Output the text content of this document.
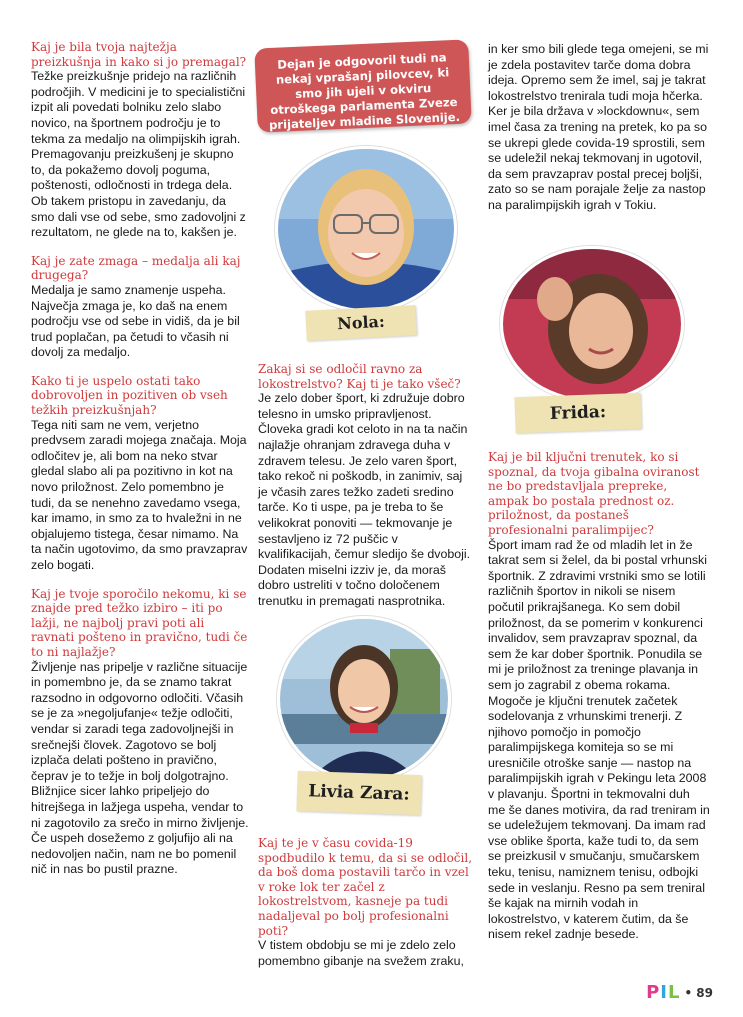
Kaj je bila tvoja najtežja preizkušnja in kako si jo premagal?

Težke preizkušnje pridejo na različnih področjih. V medicini je to specialistični izpit ali povedati bolniku zelo slabo novico, na športnem področju je to tekma za medaljo na olimpijskih igrah. Premagovanju preizkušenj je skupno to, da pokažemo dovolj poguma, poštenosti, odločnosti in trdega dela. Ob takem pristopu in zavedanju, da smo dali vse od sebe, smo zadovoljni z rezultatom, ne glede na to, kakšen je.

Kaj je zate zmaga – medalja ali kaj drugega?

Medalja je samo znamenje uspeha. Največja zmaga je, ko daš na enem področju vse od sebe in vidiš, da je bil trud poplačan, pa četudi to včasih ni dovolj za medaljo.

Kako ti je uspelo ostati tako dobrovoljen in pozitiven ob vseh težkih preizkušnjah?

Tega niti sam ne vem, verjetno predvsem zaradi mojega značaja. Moja odločitev je, ali bom na neko stvar gledal slabo ali pa pozitivno in kot na novo priložnost. Zelo pomembno je tudi, da se nenehno zavedamo vsega, kar imamo, in smo za to hvaležni in ne objalujemo tistega, česar nimamo. Na ta način ugotovimo, da smo pravzaprav zelo bogati.

Kaj je tvoje sporočilo nekomu, ki se znajde pred težko izbiro – iti po lažji, ne najbolj pravi poti ali ravnati pošteno in pravično, tudi če to ni najlažje?

Življenje nas pripelje v različne situacije in pomembno je, da se znamo takrat razsodno in odgovorno odločiti. Včasih se je za »negoljufanje« težje odločiti, vendar si zaradi tega zadovoljnejši in srečnejši človek. Zagotovo se bolj izplača delati pošteno in pravično, čeprav je to težje in bolj dolgotrajno. Bližnjice sicer lahko pripeljejo do hitrejšega in lažjega uspeha, vendar to ni zagotovilo za srečo in mirno življenje. Če uspeh dosežemo z goljufijo ali na nedovoljen način, nam ne bo pomenil nič in nas bo pustil prazne.

Dejan je odgovoril tudi na nekaj vprašanj pilovcev, ki smo jih ujeli v okviru otroškega parlamenta Zveze prijateljev mladine Slovenije.
Nola:

Zakaj si se odločil ravno za lokostrelstvo? Kaj ti je tako všeč?

Je zelo dober šport, ki združuje dobro telesno in umsko pripravljenost. Človeka gradi kot celoto in na ta način najlažje ohranjam zdravega duha v zdravem telesu. Je zelo varen šport, tako rekoč ni poškodb, in zanimiv, saj je včasih zares težko zadeti sredino tarče. Ko ti uspe, pa je treba to še velikokrat ponoviti — tekmovanje je sestavljeno iz 72 puščic v kvalifikacijah, čemur sledijo še dvoboji. Dodaten miselni izziv je, da moraš dobro ustreliti v točno določenem trenutku in premagati nasprotnika.

Livia Zara:

Kaj te je v času covida-19 spodbudilo k temu, da si se odločil, da boš doma postavili tarčo in vzel v roke lok ter začel z lokostrelstvom, kasneje pa tudi nadaljeval po bolj profesionalni poti?

V tistem obdobju se mi je zdelo zelo pomembno gibanje na svežem zraku,

in ker smo bili glede tega omejeni, se mi je zdela postavitev tarče doma dobra ideja. Opremo sem že imel, saj je takrat lokostrelstvo trenirala tudi moja hčerka. Ker je bila država v »lockdownu«, sem imel časa za trening na pretek, ko pa so se ukrepi glede covida-19 sprostili, sem se udeležil nekaj tekmovanj in ugotovil, da sem pravzaprav postal precej boljši, zato so se nam porajale želje za nastop na paralimpijskih igrah v Tokiu.

Frida:

Kaj je bil ključni trenutek, ko si spoznal, da tvoja gibalna oviranost ne bo predstavljala prepreke, ampak bo postala prednost oz. priložnost, da postaneš profesionalni paralimpijec?

Šport imam rad že od mladih let in že takrat sem si želel, da bi postal vrhunski športnik. Z zdravimi vrstniki smo se lotili različnih športov in nikoli se nisem počutil prikrajšanega. Ko sem dobil priložnost, da se pomerim v konkurenci invalidov, sem pravzaprav spoznal, da sem že kar dober športnik. Ponudila se mi je priložnost za treninge plavanja in sem jo zagrabil z obema rokama. Mogoče je ključni trenutek začetek sodelovanja z vrhunskimi trenerji. Z njihovo pomočjo in pomočjo paralimpijskega komiteja so se mi uresničile otroške sanje — nastop na paralimpijskih igrah v Pekingu leta 2008 v plavanju. Športni in tekmovalni duh me še danes motivira, da rad treniram in se udeležujem tekmovanj. Da imam rad vse oblike športa, kaže tudi to, da sem se preizkusil v smučanju, smučarskem teku, tenisu, namiznem tenisu, odbojki sede in veslanju. Resno pa sem treniral še kajak na mirnih vodah in lokostrelstvo, v katerem čutim, da še nisem rekel zadnje besede.

PIL • 89
